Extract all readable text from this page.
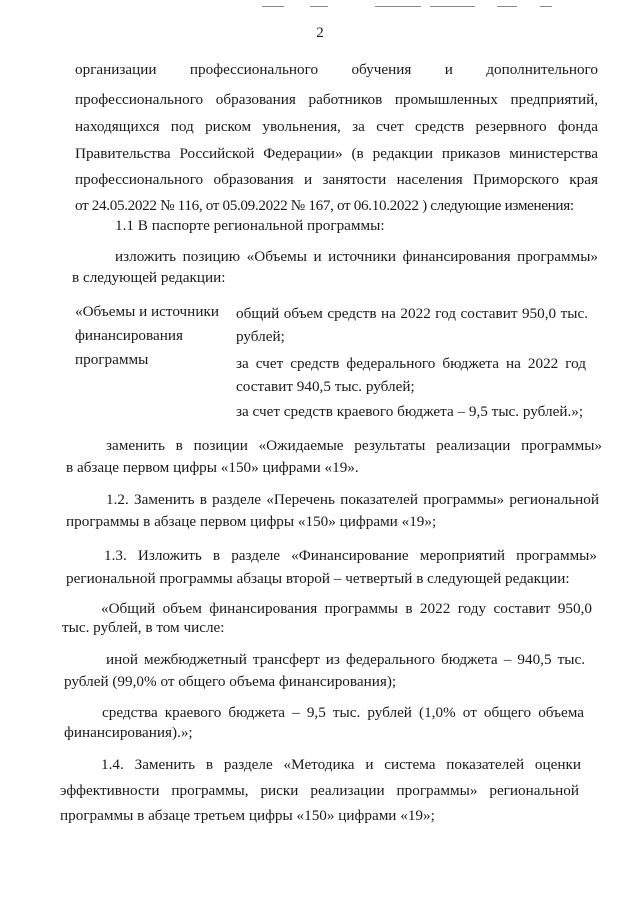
2
организации профессионального обучения и дополнительного
профессионального образования работников промышленных предприятий,
находящихся под риском увольнения, за счет средств резервного фонда
Правительства Российской Федерации» (в редакции приказов министерства
профессионального образования и занятости населения Приморского края
от 24.05.2022 № 116, от 05.09.2022 № 167, от 06.10.2022 ) следующие изменения:
1.1 В паспорте региональной программы:
изложить позицию «Объемы и источники финансирования программы»
в следующей редакции:
«Объемы и источники
финансирования
программы
общий объем средств на 2022 год составит 950,0 тыс.
рублей;
за счет средств федерального бюджета на 2022 год
составит 940,5 тыс. рублей;
за счет средств краевого бюджета – 9,5 тыс. рублей.»;
заменить в позиции «Ожидаемые результаты реализации программы»
в абзаце первом цифры «150» цифрами «19».
1.2. Заменить в разделе «Перечень показателей программы» региональной
программы в абзаце первом цифры «150» цифрами «19»;
1.3. Изложить в разделе «Финансирование мероприятий программы»
региональной программы абзацы второй – четвертый в следующей редакции:
«Общий объем финансирования программы в 2022 году составит 950,0
тыс. рублей, в том числе:
иной межбюджетный трансферт из федерального бюджета – 940,5 тыс.
рублей (99,0% от общего объема финансирования);
средства краевого бюджета – 9,5 тыс. рублей (1,0% от общего объема
финансирования).»;
1.4. Заменить в разделе «Методика и система показателей оценки
эффективности программы, риски реализации программы» региональной
программы в абзаце третьем цифры «150» цифрами «19»;
